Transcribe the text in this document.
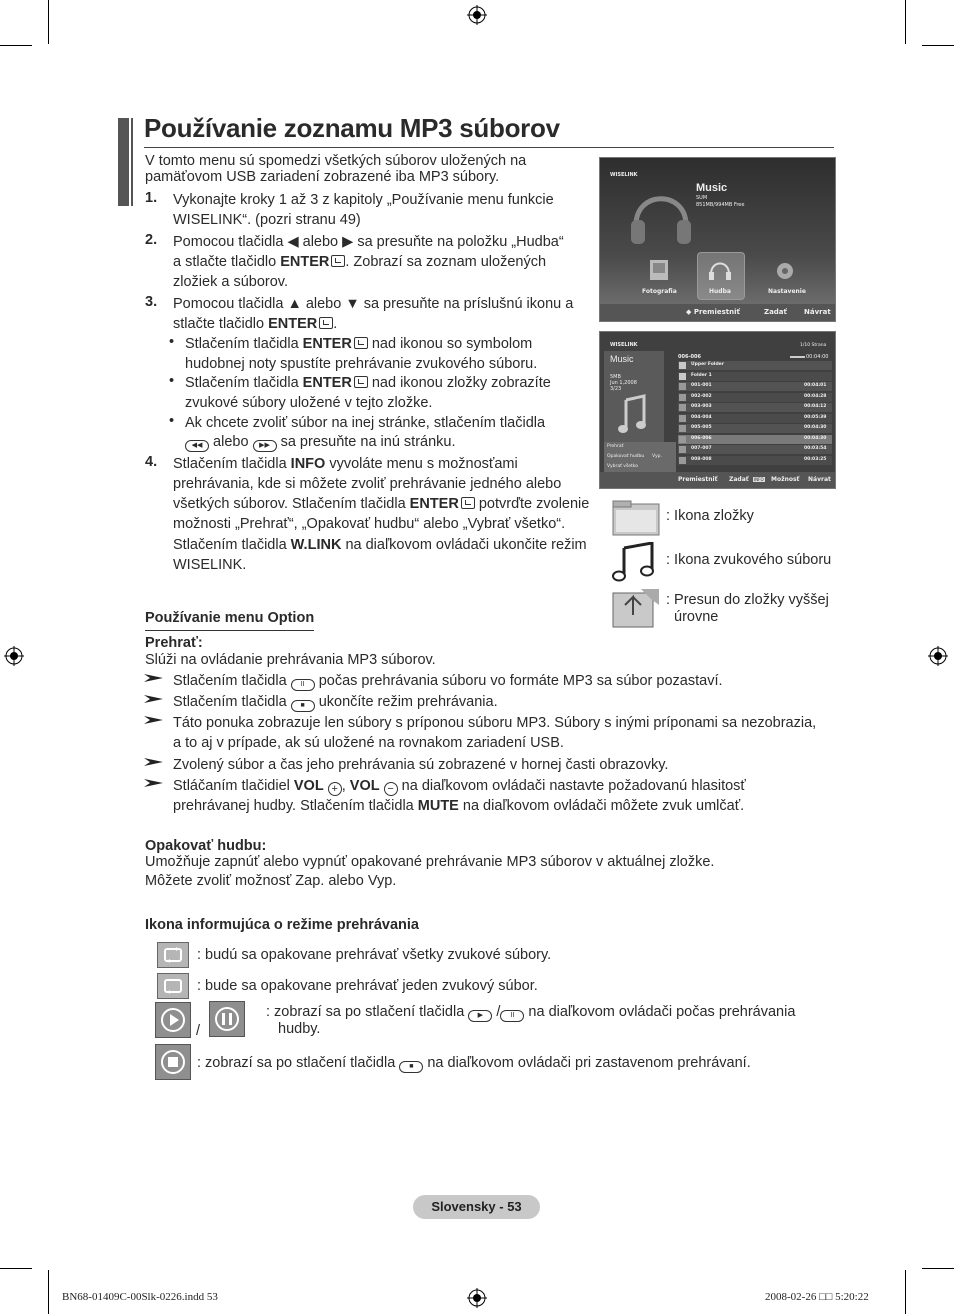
Používanie zoznamu MP3 súborov
V tomto menu sú spomedzi všetkých súborov uložených na
pamäťovom USB zariadení zobrazené iba MP3 súbory.
1. Vykonajte kroky 1 až 3 z kapitoly „Používanie menu funkcie
WISELINK“. (pozri stranu 49)
2. Pomocou tlačidla ◀ alebo ▶ sa presuňte na položku „Hudba“
a stlačte tlačidlo ENTER . Zobrazí sa zoznam uložených
zložiek a súborov.
3. Pomocou tlačidla ▲ alebo ▼ sa presuňte na príslušnú ikonu a
stlačte tlačidlo ENTER .
• Stlačením tlačidla ENTER nad ikonou so symbolom
hudobnej noty spustíte prehrávanie zvukového súboru.
• Stlačením tlačidla ENTER nad ikonou zložky zobrazíte
zvukové súbory uložené v tejto zložke.
• Ak chcete zvoliť súbor na inej stránke, stlačením tlačidla
◀◀ alebo ▶▶ sa presuňte na inú stránku.
4. Stlačením tlačidla INFO vyvoláte menu s možnosťami
prehrávania, kde si môžete zvoliť prehrávanie jedného alebo
všetkých súborov. Stlačením tlačidla ENTER potvrďte zvolenie
možnosti „Prehrať“, „Opakovať hudbu“ alebo „Vybrať všetko“.
Stlačením tlačidla W.LINK na diaľkovom ovládači ukončite režim
WISELINK.
WISELINK
Music
SUM
851MB/994MB Free
Fotografia	Hudba	Nastavenie
◆ Premiestniť	Zadať Návrat
WISELINK	1/10 Strana
Music
5MB
Jun 1,2008
3/23
Prehrať
Opakovať hudbu Vyp.
Vybrať všetko
006-006	00:04:00
Upper Folder
Folder 1
001-001	00:04:01
002-002	00:04:28
003-003	00:04:12
004-004	00:05:39
005-005	00:04:30
006-006	00:04:30
007-007	00:03:54
008-008	00:03:25
Premiestniť Zadať INFO Možnosť Návrat
: Ikona zložky
: Ikona zvukového súboru
: Presun do zložky vyššej
úrovne
Používanie menu Option
Prehrať:
Slúži na ovládanie prehrávania MP3 súborov.
Stlačením tlačidla II počas prehrávania súboru vo formáte MP3 sa súbor pozastaví.
Stlačením tlačidla ■ ukončíte režim prehrávania.
Táto ponuka zobrazuje len súbory s príponou súboru MP3. Súbory s inými príponami sa nezobrazia,
a to aj v prípade, ak sú uložené na rovnakom zariadení USB.
Zvolený súbor a čas jeho prehrávania sú zobrazené v hornej časti obrazovky.
Stláčaním tlačidiel VOL + , VOL − na diaľkovom ovládači nastavte požadovanú hlasitosť
prehrávanej hudby. Stlačením tlačidla MUTE na diaľkovom ovládači môžete zvuk umlčať.
Opakovať hudbu:
Umožňuje zapnúť alebo vypnúť opakované prehrávanie MP3 súborov v aktuálnej zložke.
Môžete zvoliť možnosť Zap. alebo Vyp.
Ikona informujúca o režime prehrávania
: budú sa opakovane prehrávať všetky zvukové súbory.
: bude sa opakovane prehrávať jeden zvukový súbor.
/
: zobrazí sa po stlačení tlačidla ▶ / II na diaľkovom ovládači počas prehrávania
hudby.
: zobrazí sa po stlačení tlačidla ■ na diaľkovom ovládači pri zastavenom prehrávaní.
Slovensky - 53
BN68-01409C-00Slk-0226.indd 53	2008-02-26 □□ 5:20:22
